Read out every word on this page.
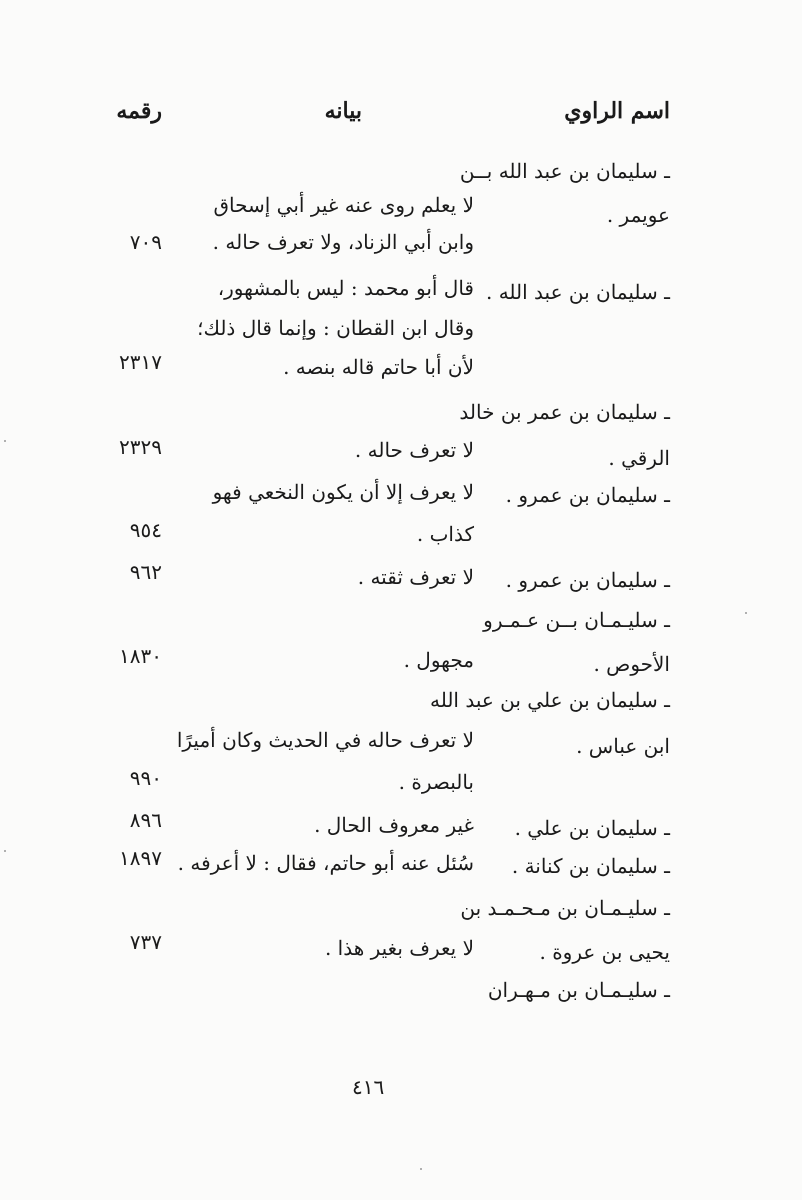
اسم الراوي
بيانه
رقمه
ـ سليمان بن عبد الله بــن
عويمر .
لا يعلم روى عنه غير أبي إسحاق
وابن أبي الزناد، ولا تعرف حاله .
٧٠٩
ـ سليمان بن عبد الله .
قال أبو محمد : ليس بالمشهور،
وقال ابن القطان : وإنما قال ذلك؛
لأن أبا حاتم قاله بنصه .
٢٣١٧
ـ سليمان بن عمر بن خالد
الرقي .
لا تعرف حاله .
٢٣٢٩
ـ سليمان بن عمرو .
لا يعرف إلا أن يكون النخعي فهو
كذاب .
٩٥٤
ـ سليمان بن عمرو .
لا تعرف ثقته .
٩٦٢
ـ سليـمـان بــن عـمـرو
الأحوص .
مجهول .
١٨٣٠
ـ سليمان بن علي بن عبد الله
ابن عباس .
لا تعرف حاله في الحديث وكان أميرًا
بالبصرة .
٩٩٠
ـ سليمان بن علي .
غير معروف الحال .
٨٩٦
ـ سليمان بن كنانة .
سُئل عنه أبو حاتم، فقال : لا أعرفه .
١٨٩٧
ـ سليـمـان بن مـحـمـد بن
يحيى بن عروة .
لا يعرف بغير هذا .
٧٣٧
ـ سليـمـان بن مـهـران
٤١٦
